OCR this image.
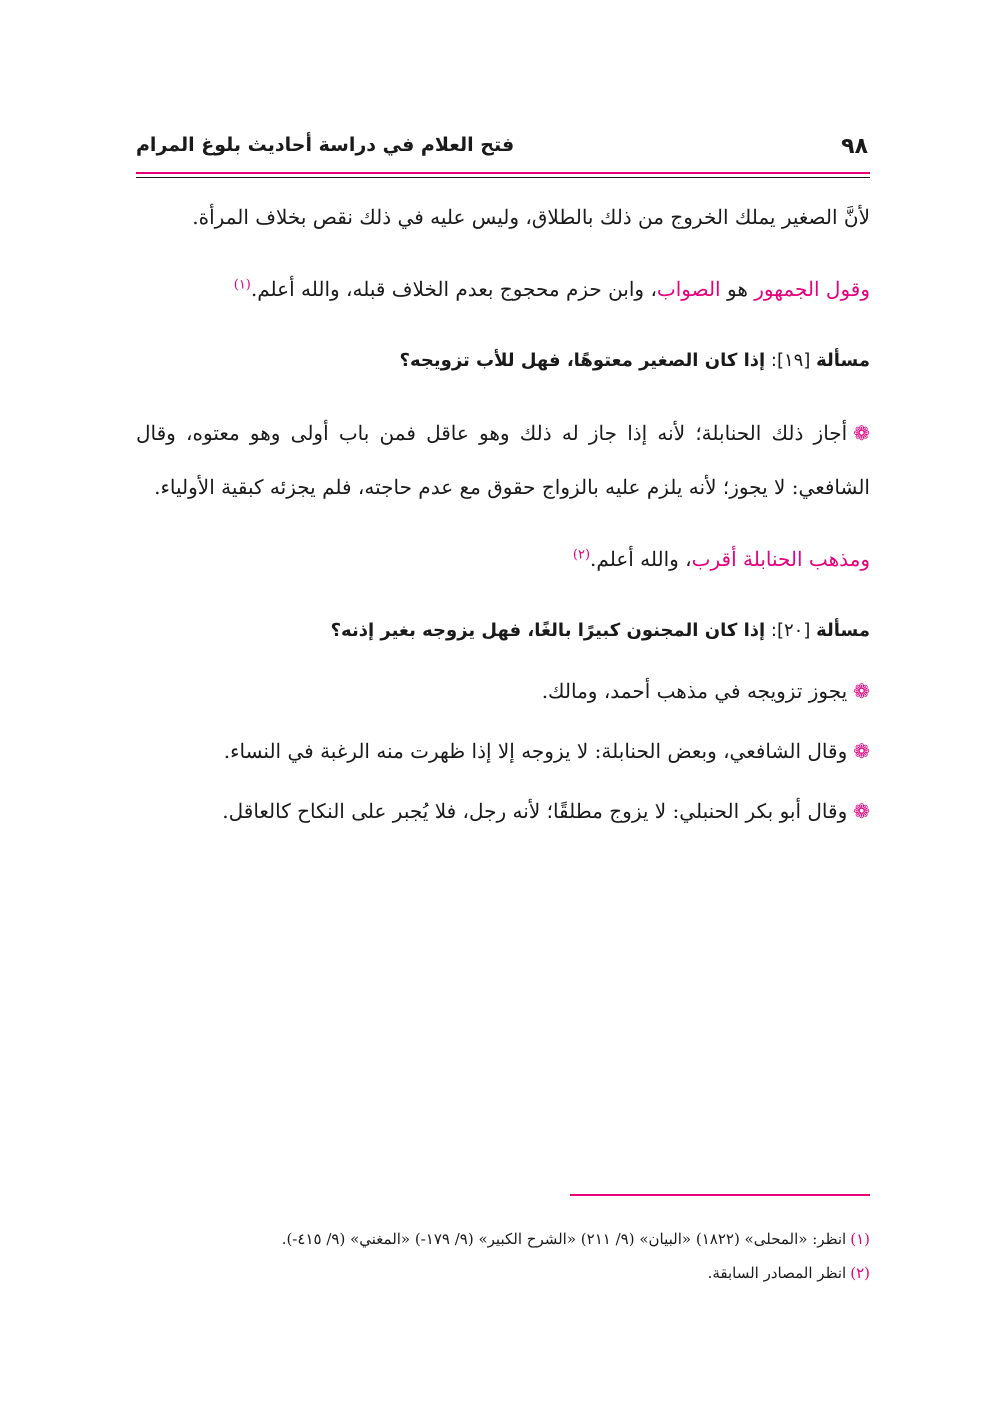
٩٨
فتح العلام في دراسة أحاديث بلوغ المرام

لأنَّ الصغير يملك الخروج من ذلك بالطلاق، وليس عليه في ذلك نقص بخلاف المرأة.

وقول الجمهور هو الصواب، وابن حزم محجوج بعدم الخلاف قبله، والله أعلم.$^{(١)}$

مسألة [١٩]: إذا كان الصغير معتوهًا، فهل للأب تزويجه؟

❁أجاز ذلك الحنابلة؛ لأنه إذا جاز له ذلك وهو عاقل فمن باب أولى وهو معتوه، وقال الشافعي: لا يجوز؛ لأنه يلزم عليه بالزواج حقوق مع عدم حاجته، فلم يجزئه كبقية الأولياء.

ومذهب الحنابلة أقرب، والله أعلم.$^{(٢)}$

مسألة [٢٠]: إذا كان المجنون كبيرًا بالغًا، فهل يزوجه بغير إذنه؟

❁يجوز تزويجه في مذهب أحمد، ومالك.

❁وقال الشافعي، وبعض الحنابلة: لا يزوجه إلا إذا ظهرت منه الرغبة في النساء.

❁وقال أبو بكر الحنبلي: لا يزوج مطلقًا؛ لأنه رجل، فلا يُجبر على النكاح كالعاقل.

(١)انظر: «المحلى» (١٨٢٢) «البيان» (٩/ ٢١١) «الشرح الكبير» (٩/ ١٧٩-) «المغني» (٩/ ٤١٥-).

(٢)انظر المصادر السابقة.
